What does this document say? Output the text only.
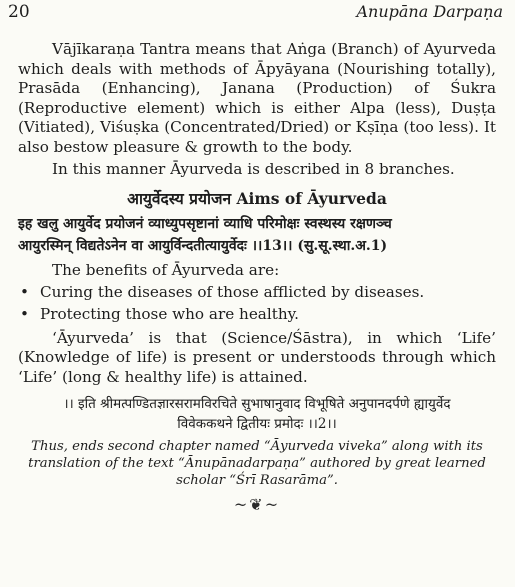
20	Anupāna Darpaṇa

Vājīkaraṇa Tantra means that Aṅga (Branch) of Ayurveda which deals with methods of Āpyāyana (Nourishing totally), Prasāda (Enhancing), Janana (Production) of Śukra (Reproductive element) which is either Alpa (less), Duṣṭa (Vitiated), Viśuṣka (Concentrated/Dried) or Kṣīṇa (too less). It also bestow pleasure & growth to the body.

In this manner Āyurveda is described in 8 branches.

आयुर्वेदस्य प्रयोजन Aims of Āyurveda
इह खलु आयुर्वेद प्रयोजनं व्याध्युपसृष्टानां व्याधि परिमोक्षः स्वस्थस्य रक्षणञ्च
आयुरस्मिन् विद्यतेऽनेन वा आयुर्विन्दतीत्यायुर्वेदः ।।13।। (सु.सू.स्था.अ.1)

The benefits of Āyurveda are:

• Curing the diseases of those afflicted by diseases.
• Protecting those who are healthy.

‘Āyurveda’ is that (Science/Śāstra), in which ‘Life’ (Knowledge of life) is present or understoods through which ‘Life’ (long & healthy life) is attained.

।। इति श्रीमत्पण्डितज्ञारसरामविरचिते सुभाषानुवाद विभूषिते अनुपानदर्पणे ह्यायुर्वेद
विवेककथने द्वितीयः प्रमोदः ।।2।।
Thus, ends second chapter named “Āyurveda viveka” along with its translation of the text “Ānupānadarpaṇa” authored by great learned scholar “Śrī Rasarāma”.
~❦~
